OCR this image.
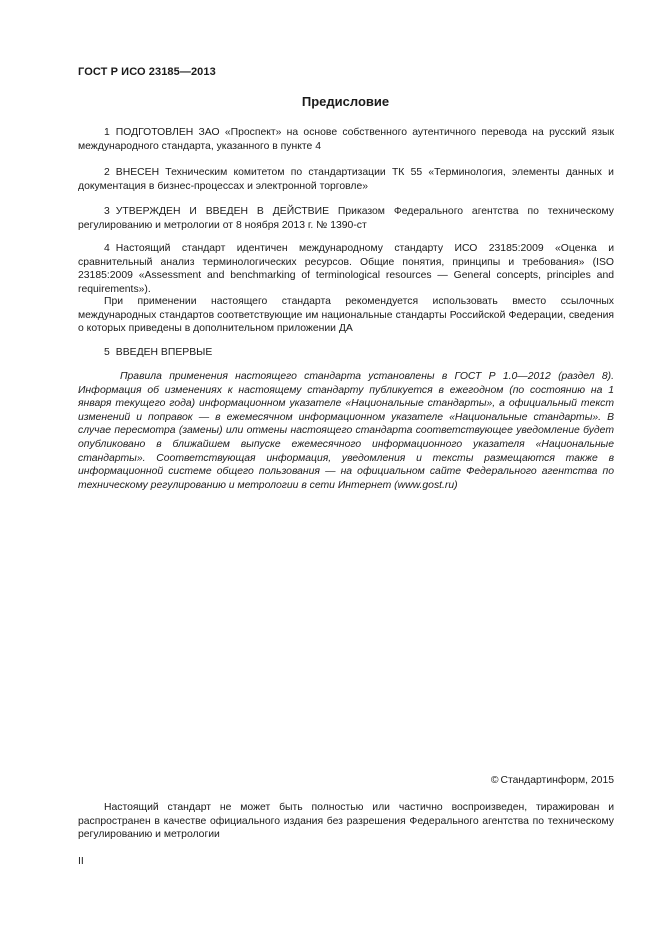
ГОСТ Р ИСО 23185—2013
Предисловие

1 ПОДГОТОВЛЕН ЗАО «Проспект» на основе собственного аутентичного перевода на русский язык международного стандарта, указанного в пункте 4

2 ВНЕСЕН Техническим комитетом по стандартизации ТК 55 «Терминология, элементы данных и документация в бизнес-процессах и электронной торговле»

3 УТВЕРЖДЕН И ВВЕДЕН В ДЕЙСТВИЕ Приказом Федерального агентства по техническому регулированию и метрологии от 8 ноября 2013 г. № 1390-ст

4 Настоящий стандарт идентичен международному стандарту ИСО 23185:2009 «Оценка и сравнительный анализ терминологических ресурсов. Общие понятия, принципы и требования» (ISO 23185:2009 «Assessment and benchmarking of terminological resources — General concepts, principles and requirements»).

При применении настоящего стандарта рекомендуется использовать вместо ссылочных международных стандартов соответствующие им национальные стандарты Российской Федерации, сведения о которых приведены в дополнительном приложении ДА

5 ВВЕДЕН ВПЕРВЫЕ

Правила применения настоящего стандарта установлены в ГОСТ Р 1.0—2012 (раздел 8). Информация об изменениях к настоящему стандарту публикуется в ежегодном (по состоянию на 1 января текущего года) информационном указателе «Национальные стандарты», а официальный текст изменений и поправок — в ежемесячном информационном указателе «Национальные стандарты». В случае пересмотра (замены) или отмены настоящего стандарта соответствующее уведомление будет опубликовано в ближайшем выпуске ежемесячного информационного указателя «Национальные стандарты». Соответствующая информация, уведомления и тексты размещаются также в информационной системе общего пользования — на официальном сайте Федерального агентства по техническому регулированию и метрологии в сети Интернет (www.gost.ru)

© Стандартинформ, 2015

Настоящий стандарт не может быть полностью или частично воспроизведен, тиражирован и распространен в качестве официального издания без разрешения Федерального агентства по техническому регулированию и метрологии

II
